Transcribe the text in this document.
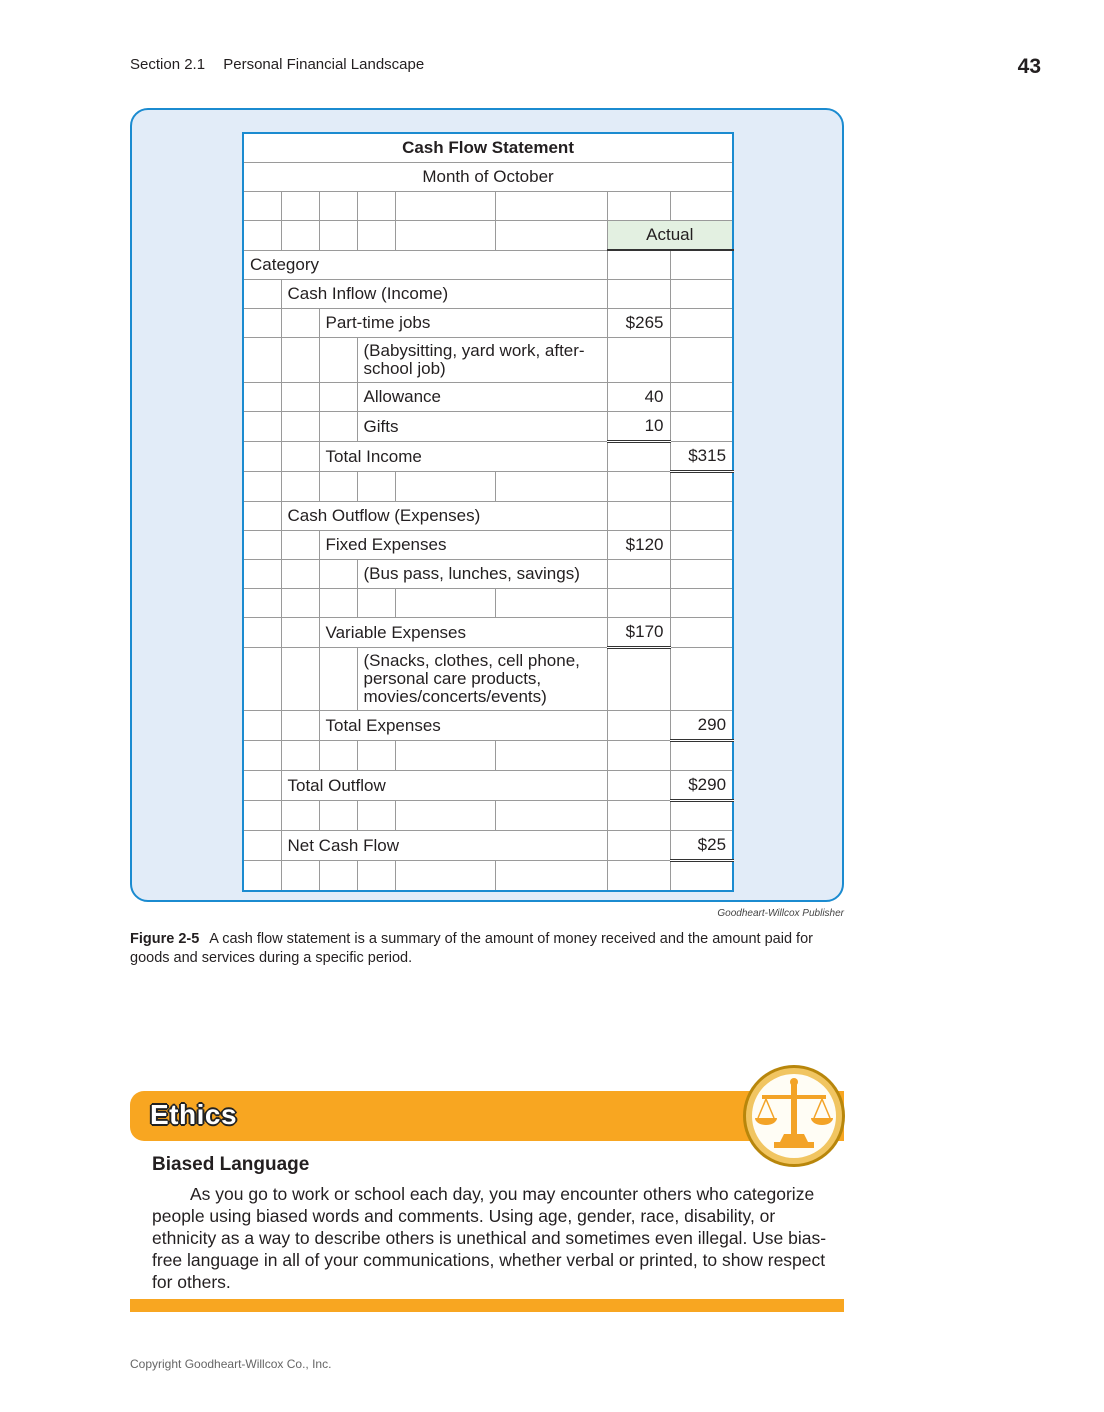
Section 2.1 Personal Financial Landscape	43
Cash Flow Statement							
Month of October							

						Actual	
Category							
	Cash Inflow (Income)						
		Part-time jobs				$265	
			(Babysitting, yard work, after-school job)				
			Allowance			40	
			Gifts			10	
		Total Income					$315

	Cash Outflow (Expenses)						
		Fixed Expenses				$120	
			(Bus pass, lunches, savings)				

		Variable Expenses				$170	
			(Snacks, clothes, cell phone, personal care products, movies/concerts/events)				
		Total Expenses					290

	Total Outflow						$290

	Net Cash Flow						$25

Goodheart-Willcox Publisher
Figure 2-5 A cash flow statement is a summary of the amount of money received and the amount paid for goods and services during a specific period.
Ethics
Biased Language

As you go to work or school each day, you may encounter others who categorize people using biased words and comments. Using age, gender, race, disability, or ethnicity as a way to describe others is unethical and sometimes even illegal. Use bias-free language in all of your communications, whether verbal or printed, to show respect for others.

Copyright Goodheart-Willcox Co., Inc.
